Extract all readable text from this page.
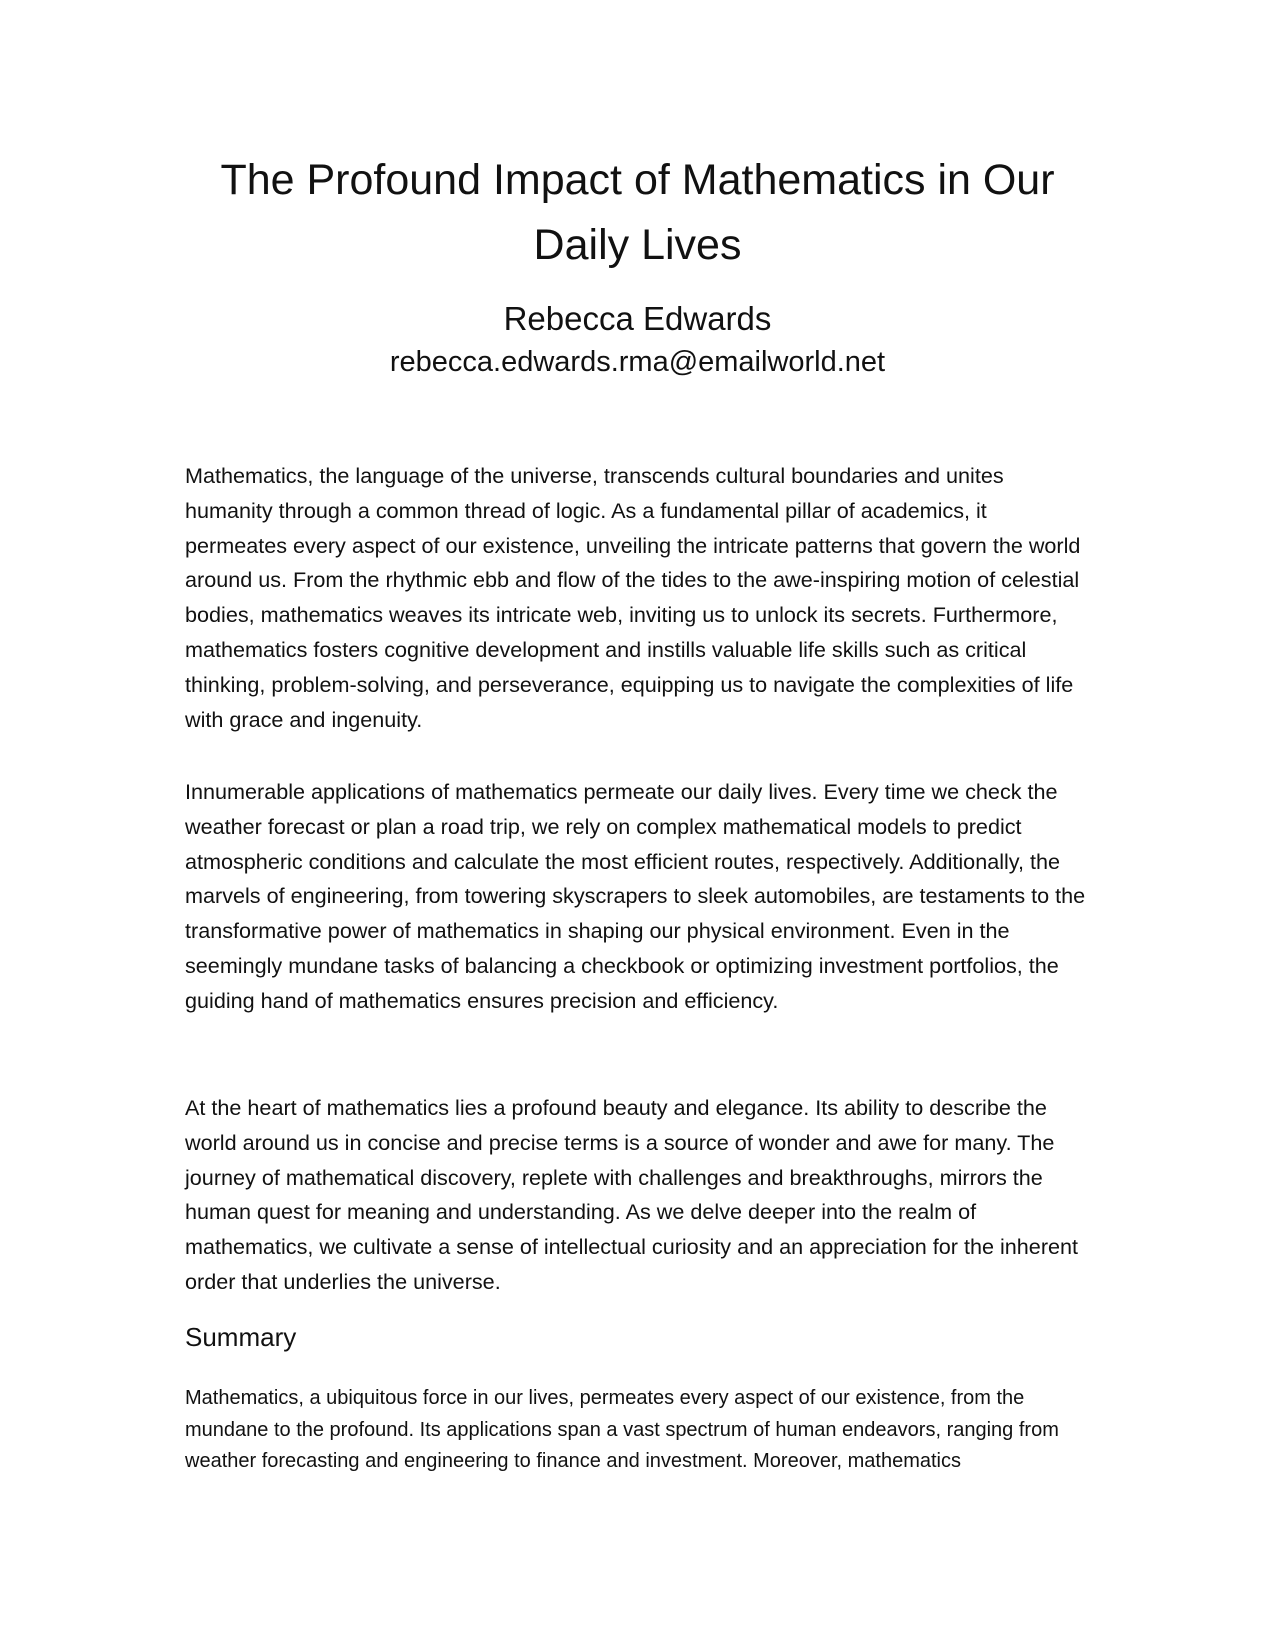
The Profound Impact of Mathematics in Our Daily Lives

Rebecca Edwards

rebecca.edwards.rma@emailworld.net

Mathematics, the language of the universe, transcends cultural boundaries and unites humanity through a common thread of logic. As a fundamental pillar of academics, it permeates every aspect of our existence, unveiling the intricate patterns that govern the world around us. From the rhythmic ebb and flow of the tides to the awe-inspiring motion of celestial bodies, mathematics weaves its intricate web, inviting us to unlock its secrets. Furthermore, mathematics fosters cognitive development and instills valuable life skills such as critical thinking, problem-solving, and perseverance, equipping us to navigate the complexities of life with grace and ingenuity.

Innumerable applications of mathematics permeate our daily lives. Every time we check the weather forecast or plan a road trip, we rely on complex mathematical models to predict atmospheric conditions and calculate the most efficient routes, respectively. Additionally, the marvels of engineering, from towering skyscrapers to sleek automobiles, are testaments to the transformative power of mathematics in shaping our physical environment. Even in the seemingly mundane tasks of balancing a checkbook or optimizing investment portfolios, the guiding hand of mathematics ensures precision and efficiency.

At the heart of mathematics lies a profound beauty and elegance. Its ability to describe the world around us in concise and precise terms is a source of wonder and awe for many. The journey of mathematical discovery, replete with challenges and breakthroughs, mirrors the human quest for meaning and understanding. As we delve deeper into the realm of mathematics, we cultivate a sense of intellectual curiosity and an appreciation for the inherent order that underlies the universe.

Summary

Mathematics, a ubiquitous force in our lives, permeates every aspect of our existence, from the mundane to the profound. Its applications span a vast spectrum of human endeavors, ranging from weather forecasting and engineering to finance and investment. Moreover, mathematics
